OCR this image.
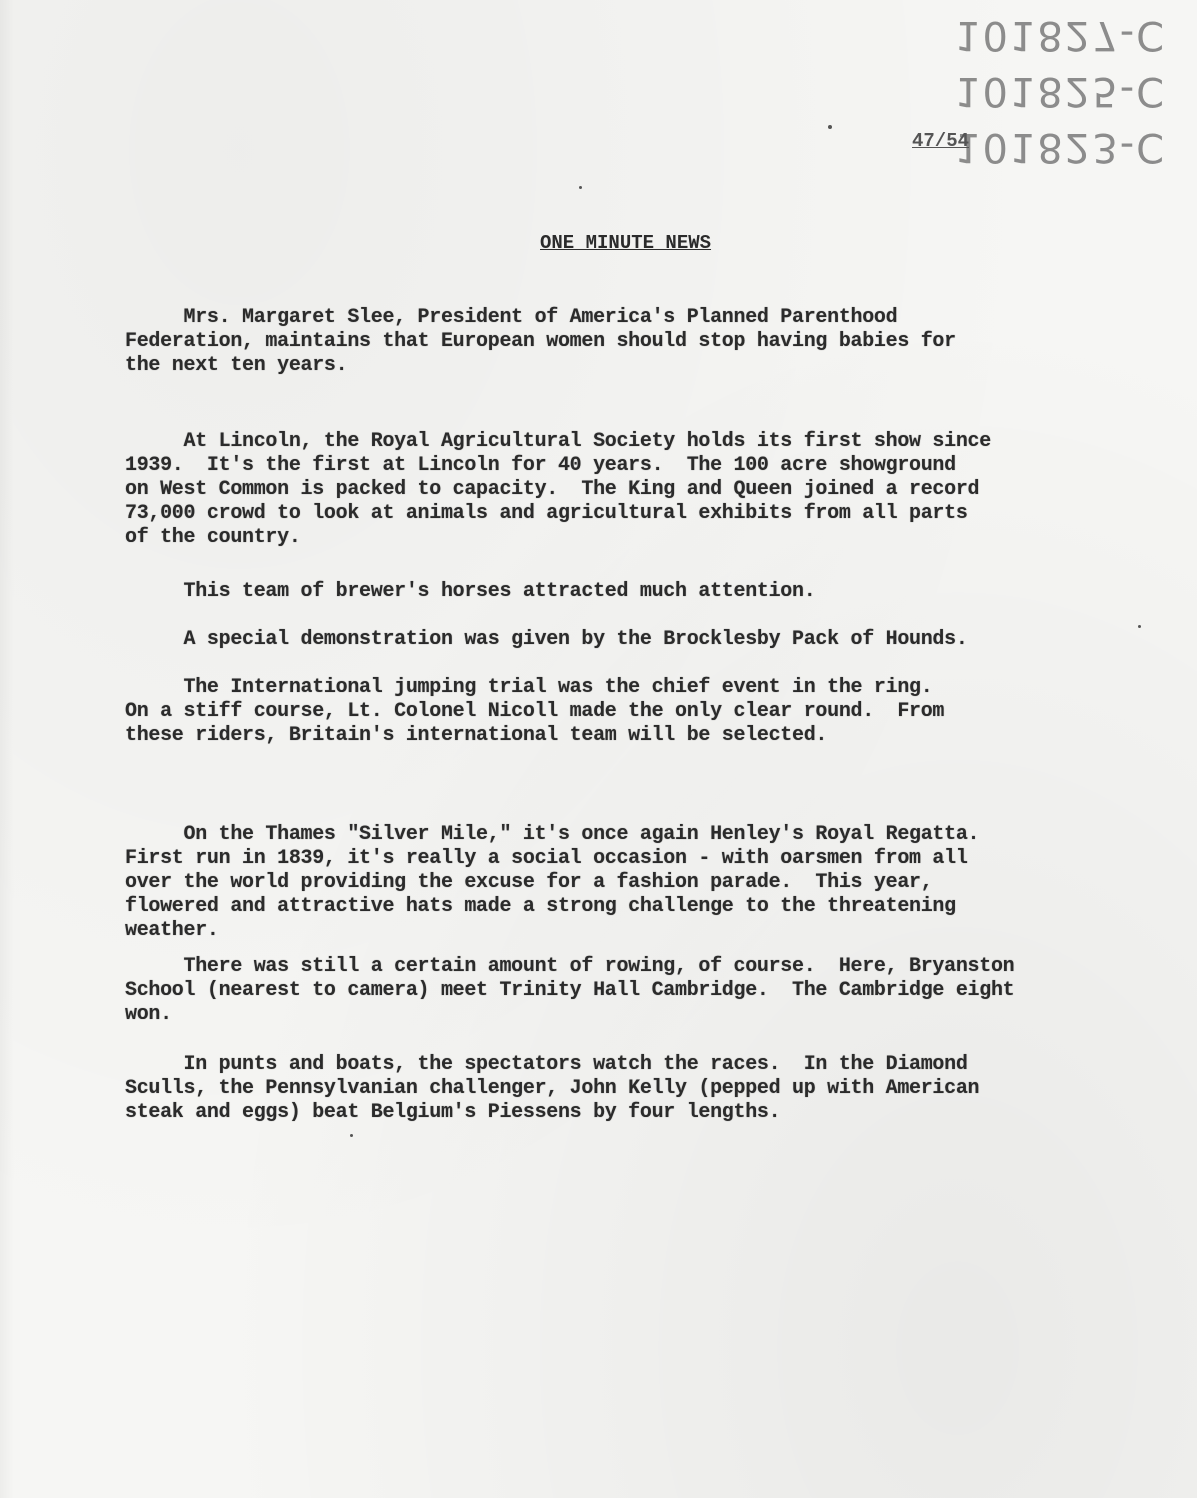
101827-C
101825-C
101823-C
47/54
ONE MINUTE NEWS

Mrs. Margaret Slee, President of America's Planned Parenthood
Federation, maintains that European women should stop having babies for
the next ten years.

At Lincoln, the Royal Agricultural Society holds its first show since
1939.  It's the first at Lincoln for 40 years.  The 100 acre showground
on West Common is packed to capacity.  The King and Queen joined a record
73,000 crowd to look at animals and agricultural exhibits from all parts
of the country.

This team of brewer's horses attracted much attention.

A special demonstration was given by the Brocklesby Pack of Hounds.

The International jumping trial was the chief event in the ring.
On a stiff course, Lt. Colonel Nicoll made the only clear round.  From
these riders, Britain's international team will be selected.

On the Thames "Silver Mile," it's once again Henley's Royal Regatta.
First run in 1839, it's really a social occasion - with oarsmen from all
over the world providing the excuse for a fashion parade.  This year,
flowered and attractive hats made a strong challenge to the threatening
weather.

There was still a certain amount of rowing, of course.  Here, Bryanston
School (nearest to camera) meet Trinity Hall Cambridge.  The Cambridge eight
won.

In punts and boats, the spectators watch the races.  In the Diamond
Sculls, the Pennsylvanian challenger, John Kelly (pepped up with American
steak and eggs) beat Belgium's Piessens by four lengths.
